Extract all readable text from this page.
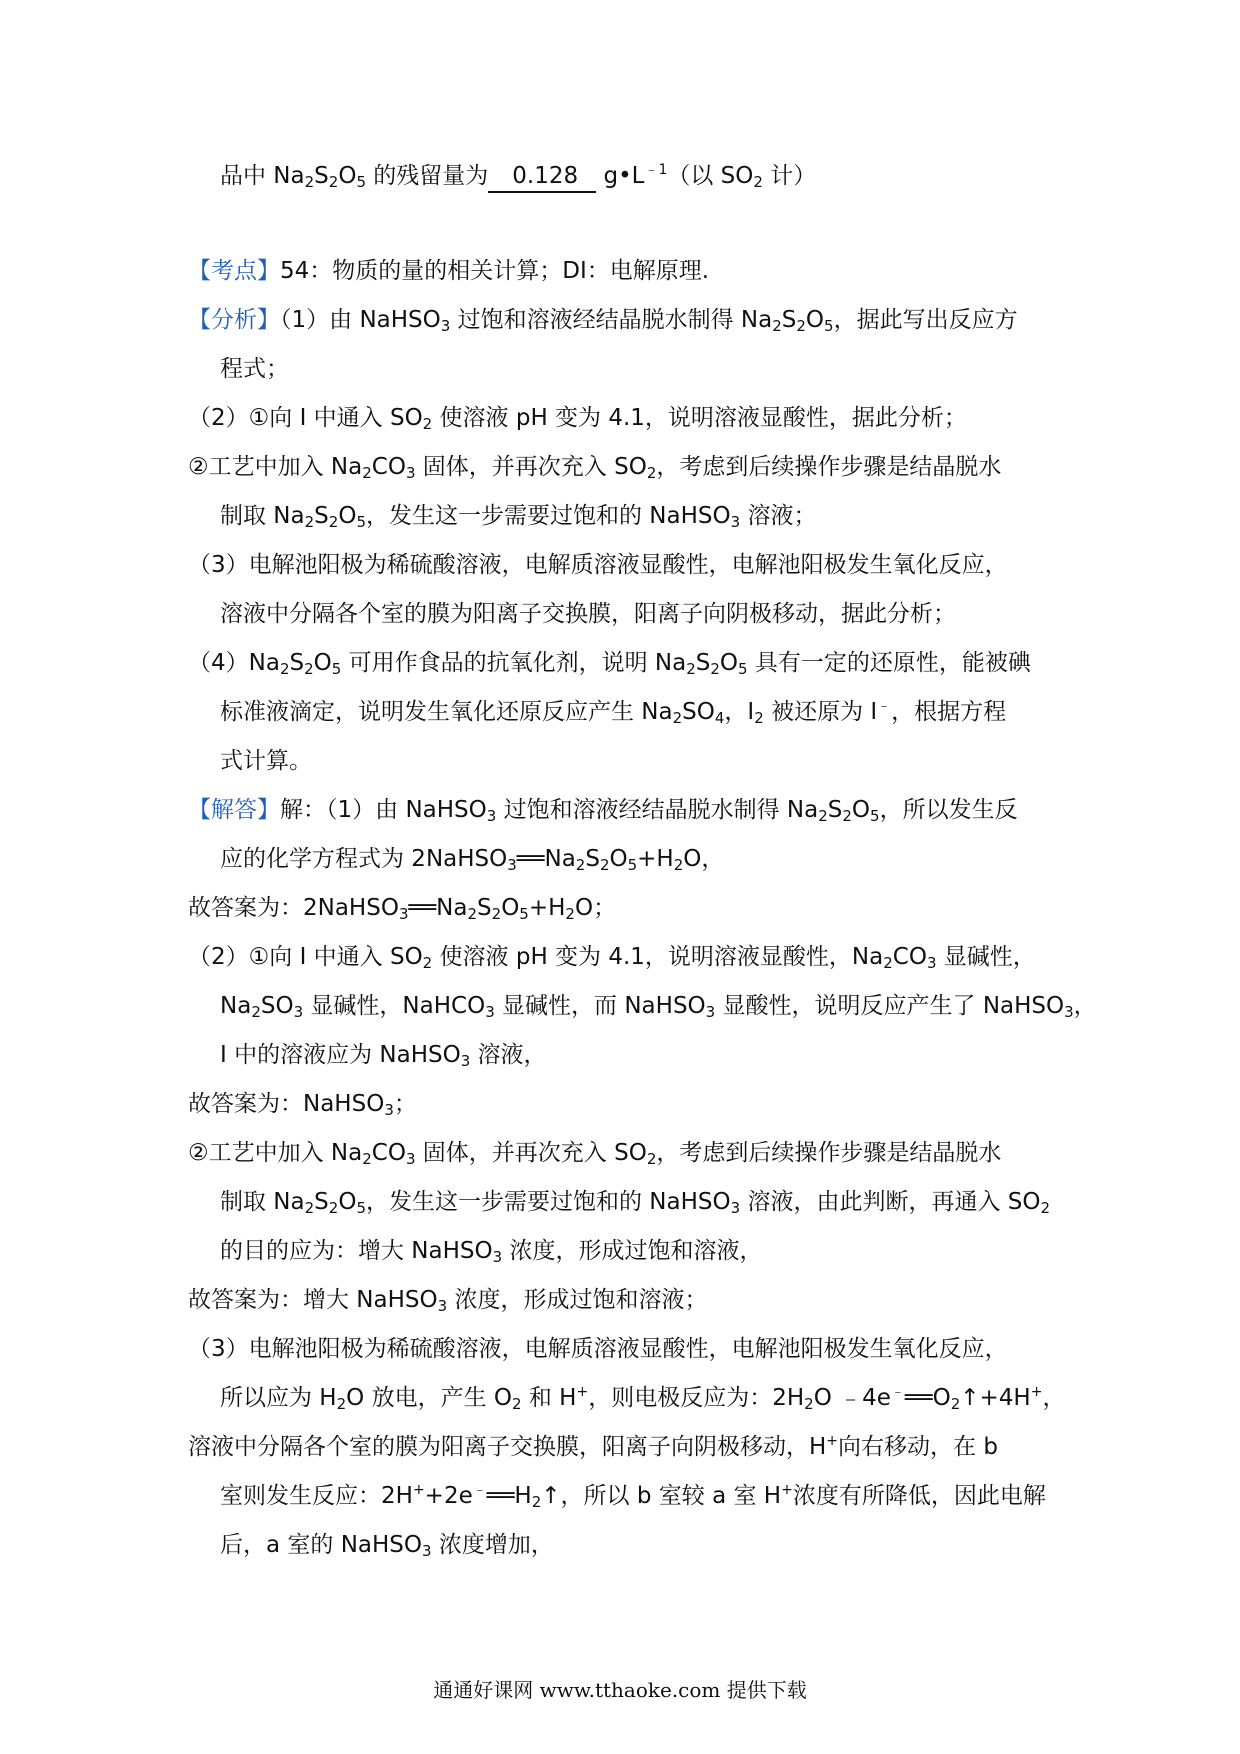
品中 $Na_2S_2O_5$ 的残留量为 0.128 $g•L^{﹣1}$（以 $SO_2$ 计）
【考点】54：物质的量的相关计算；DI：电解原理.
【分析】（1）由 NaHSO$_3$ 过饱和溶液经结晶脱水制得 $Na_2S_2O_5$，据此写出反应方
程式；
（2）①向 I 中通入 $SO_2$ 使溶液 pH 变为 4.1，说明溶液显酸性，据此分析；
②工艺中加入 $Na_2CO_3$ 固体，并再次充入 $SO_2$，考虑到后续操作步骤是结晶脱水
制取 $Na_2S_2O_5$，发生这一步需要过饱和的 NaHSO$_3$ 溶液；
（3）电解池阳极为稀硫酸溶液，电解质溶液显酸性，电解池阳极发生氧化反应，
溶液中分隔各个室的膜为阳离子交换膜，阳离子向阴极移动，据此分析；
$(4)Na_2S_2O_5$ 可用作食品的抗氧化剂，说明 $Na_2S_2O_5$ 具有一定的还原性，能被碘
标准液滴定，说明发生氧化还原反应产生 $Na_2SO_4$，$I_2$ 被还原为 I﹣，根据方程
式计算。
【解答】解：（1）由 NaHSO$_3$ 过饱和溶液经结晶脱水制得 $Na_2S_2O_5$，所以发生反
应的化学方程式为 $2NaHSO_3══Na_2S_2O_5+H_2O$，
故答案为：$2NaHSO_3══Na_2S_2O_5+H_2O$；
（2）①向 I 中通入 $SO_2$ 使溶液 pH 变为 4.1，说明溶液显酸性，$Na_2CO_3$ 显碱性，
$Na_2SO_3$ 显碱性，NaHCO$_3$ 显碱性，而 NaHSO$_3$ 显酸性，说明反应产生了 NaHSO$_3$，
I 中的溶液应为 NaHSO$_3$ 溶液，
故答案为：NaHSO$_3$；
②工艺中加入 $Na_2CO_3$ 固体，并再次充入 $SO_2$，考虑到后续操作步骤是结晶脱水
制取 $Na_2S_2O_5$，发生这一步需要过饱和的 NaHSO$_3$ 溶液，由此判断，再通入 $SO_2$
的目的应为：增大 NaHSO$_3$ 浓度，形成过饱和溶液，
故答案为：增大 NaHSO$_3$ 浓度，形成过饱和溶液；
（3）电解池阳极为稀硫酸溶液，电解质溶液显酸性，电解池阳极发生氧化反应，
所以应为 $H_2O$ 放电，产生 $O_2$ 和 H+，则电极反应为：$2H_2O$ $﹣4e^﹣══O_2↑+4H^+$，
溶液中分隔各个室的膜为阳离子交换膜，阳离子向阴极移动，H+向右移动，在 b
室则发生反应：$2H^++2e^﹣══H_2↑$，所以 b 室较 a 室 H+浓度有所降低，因此电解
后，a 室的 NaHSO$_3$ 浓度增加，
通通好课网 www.tthaoke.com 提供下载
